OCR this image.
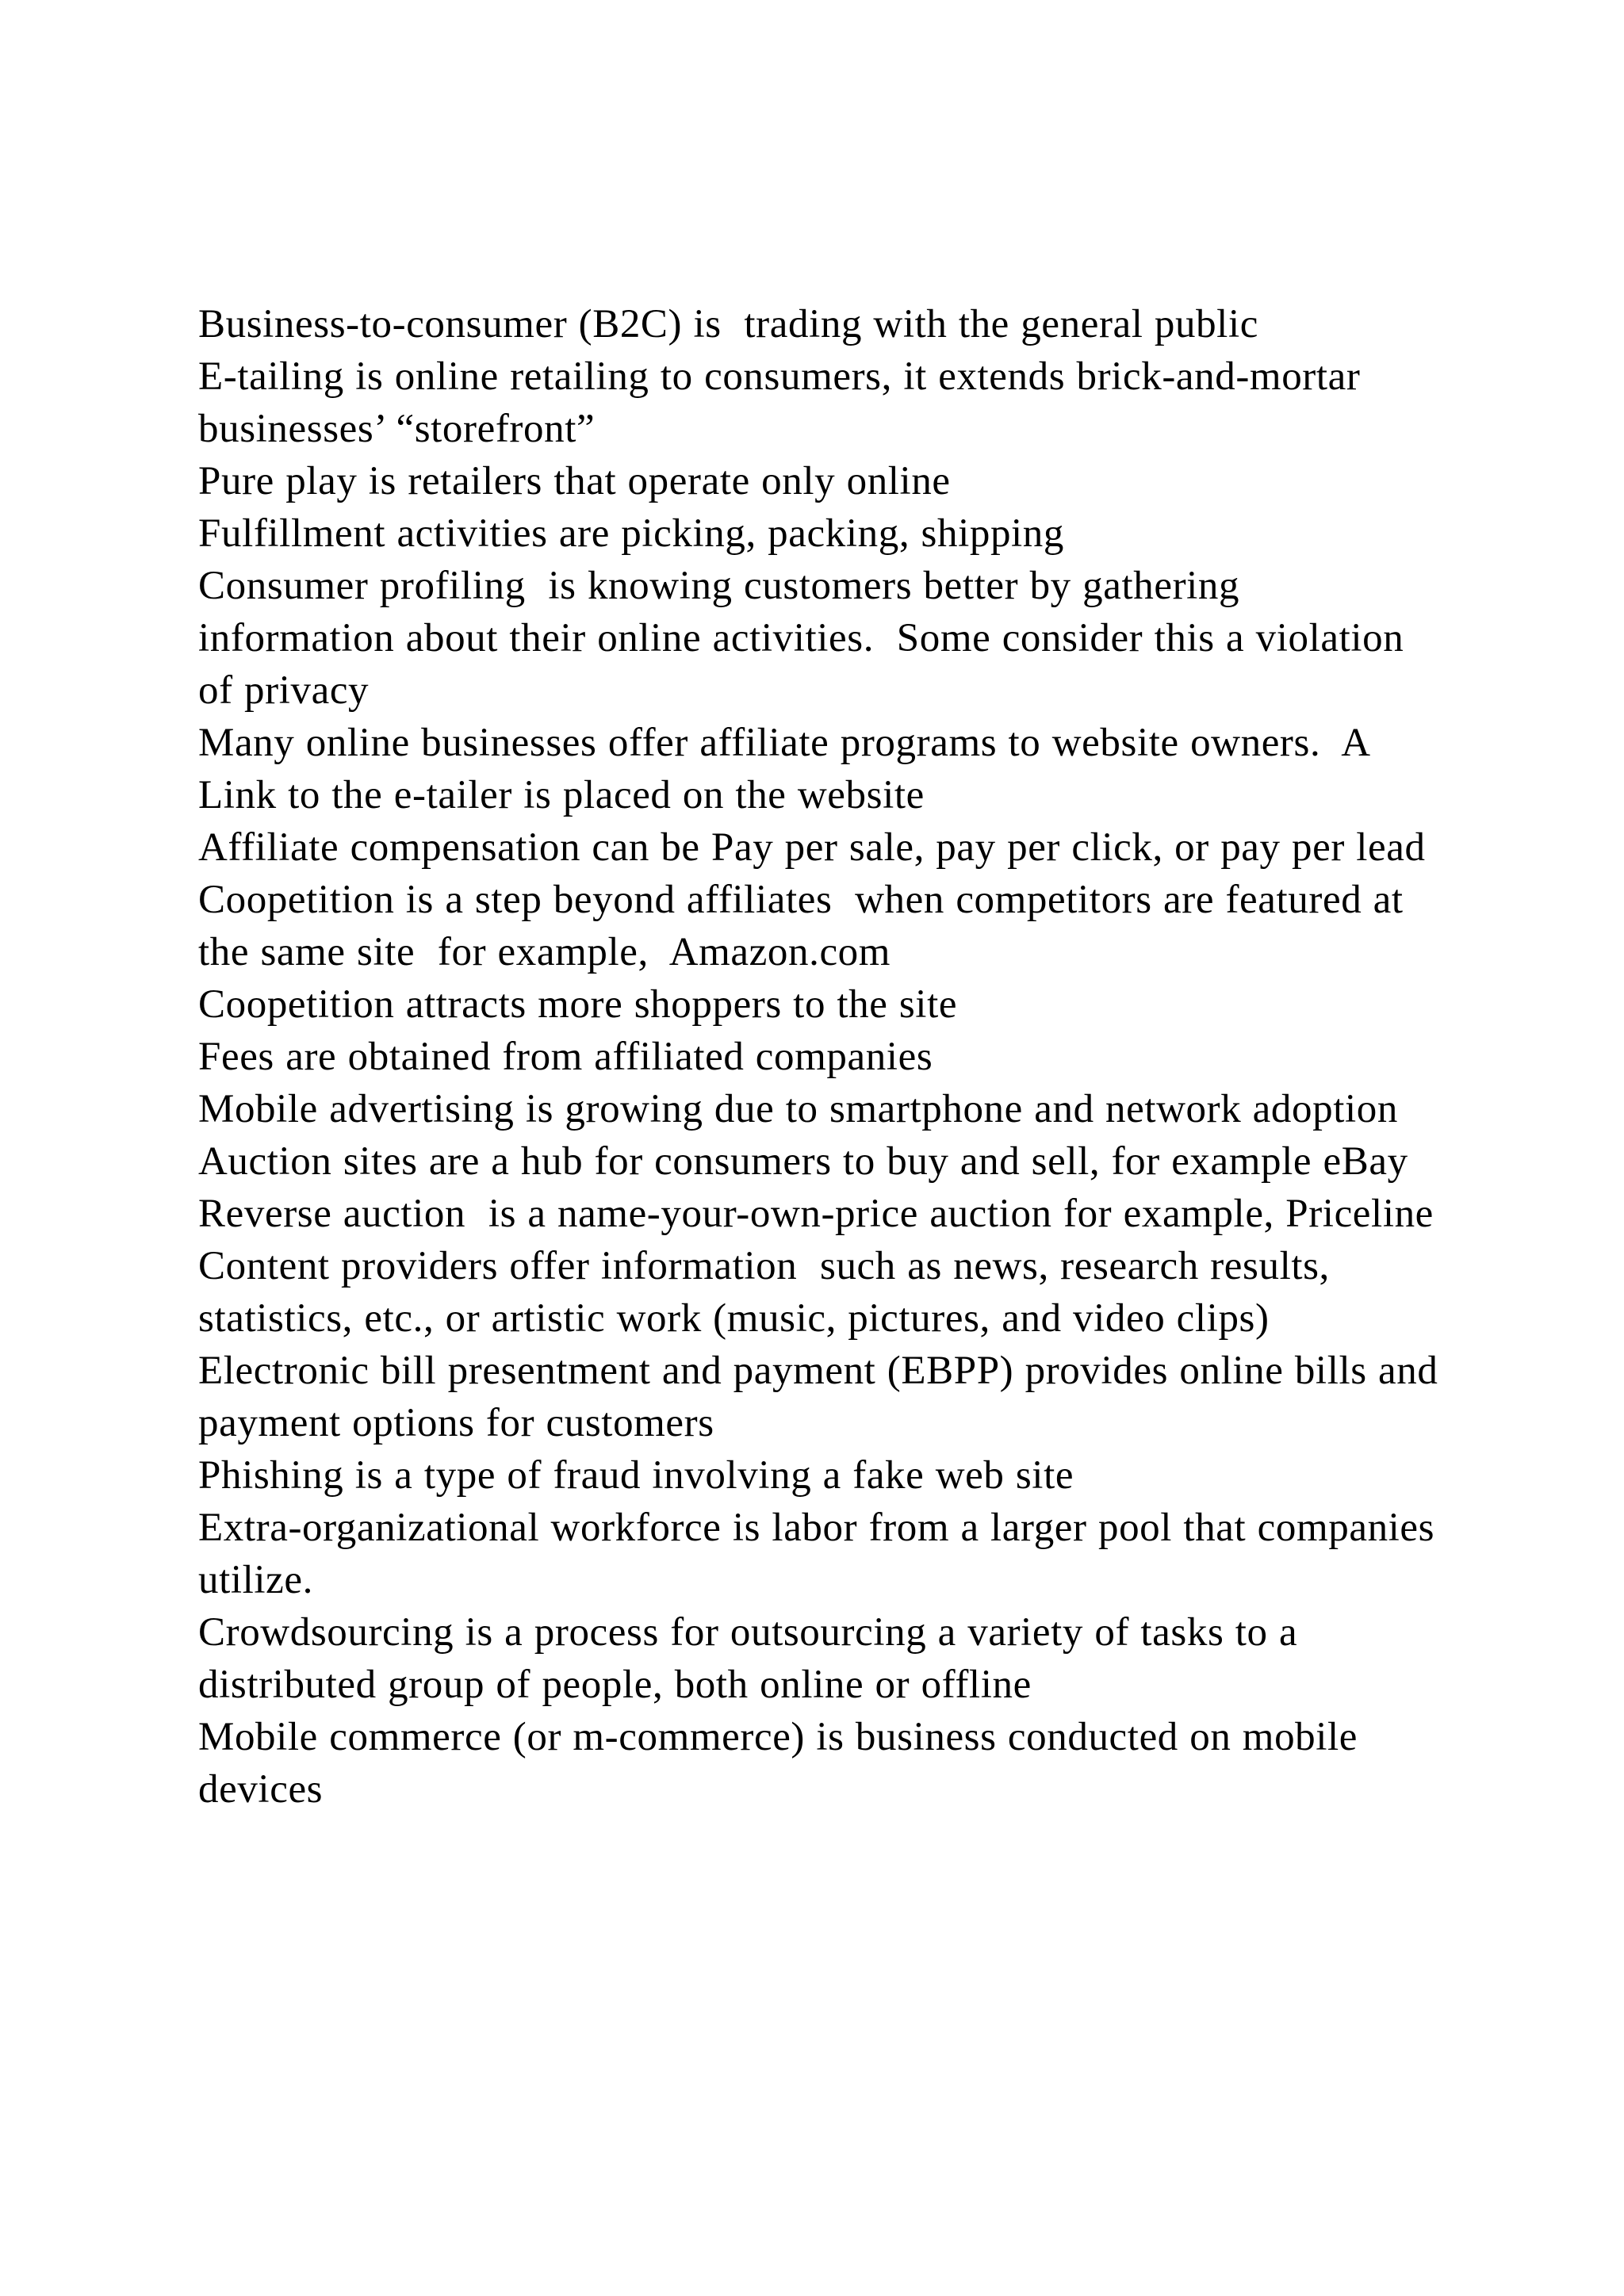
Business-to-consumer (B2C) is  trading with the general public

E-tailing is online retailing to consumers, it extends brick-and-mortar businesses’ “storefront”

Pure play is retailers that operate only online

Fulfillment activities are picking, packing, shipping

Consumer profiling  is knowing customers better by gathering information about their online activities.  Some consider this a violation of privacy

Many online businesses offer affiliate programs to website owners.  A Link to the e-tailer is placed on the website

Affiliate compensation can be Pay per sale, pay per click, or pay per lead

Coopetition is a step beyond affiliates  when competitors are featured at the same site  for example,  Amazon.com

Coopetition attracts more shoppers to the site

Fees are obtained from affiliated companies

Mobile advertising is growing due to smartphone and network adoption

Auction sites are a hub for consumers to buy and sell, for example eBay

Reverse auction  is a name-your-own-price auction for example, Priceline

Content providers offer information  such as news, research results, statistics, etc., or artistic work (music, pictures, and video clips)

Electronic bill presentment and payment (EBPP) provides online bills and payment options for customers

Phishing is a type of fraud involving a fake web site

Extra-organizational workforce is labor from a larger pool that companies utilize.

Crowdsourcing is a process for outsourcing a variety of tasks to a distributed group of people, both online or offline

Mobile commerce (or m-commerce) is business conducted on mobile devices
